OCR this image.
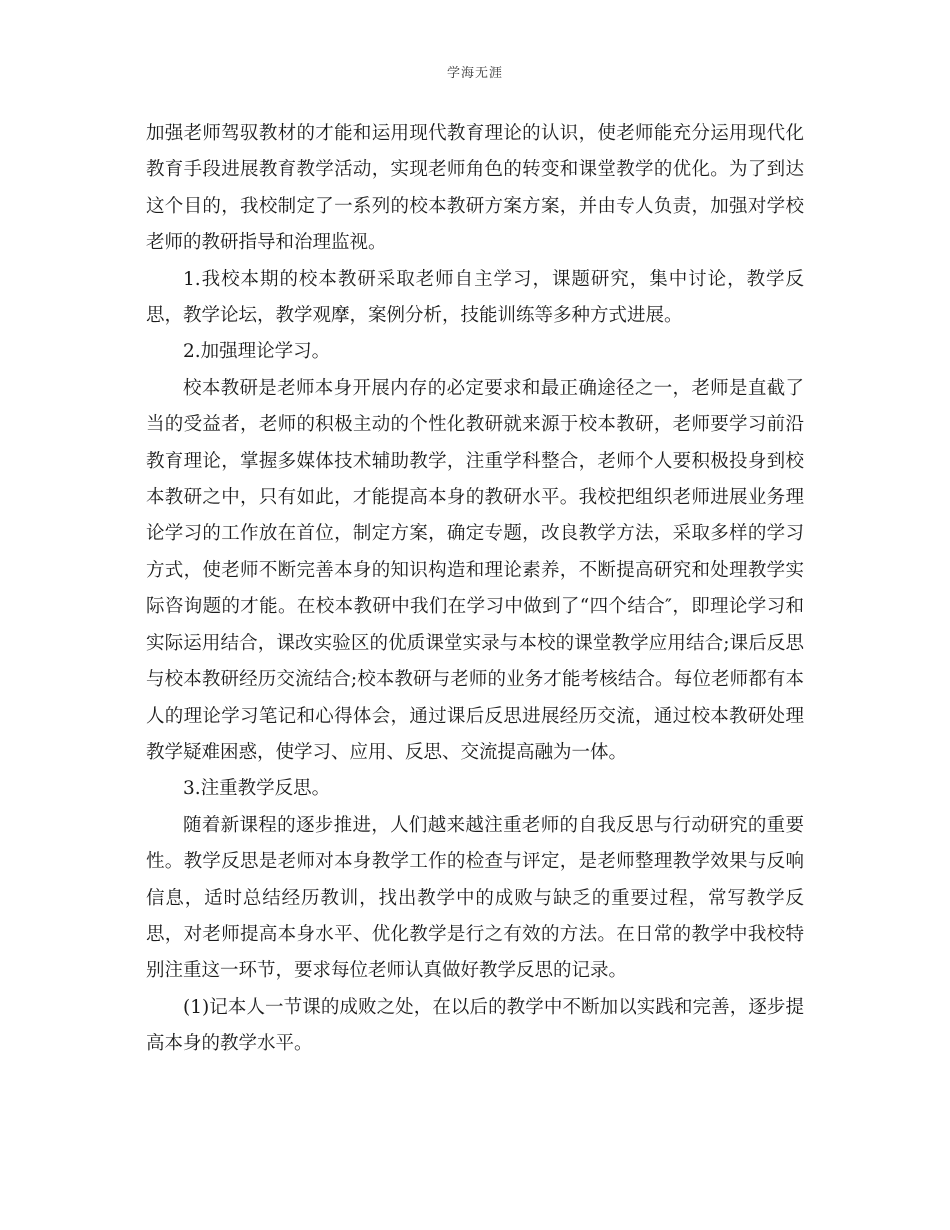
学海无涯

加强老师驾驭教材的才能和运用现代教育理论的认识，使老师能充分运用现代化教育手段进展教育教学活动，实现老师角色的转变和课堂教学的优化。为了到达这个目的，我校制定了一系列的校本教研方案方案，并由专人负责，加强对学校老师的教研指导和治理监视。

1.我校本期的校本教研采取老师自主学习，课题研究，集中讨论，教学反思，教学论坛，教学观摩，案例分析，技能训练等多种方式进展。

2.加强理论学习。

校本教研是老师本身开展内存的必定要求和最正确途径之一，老师是直截了当的受益者，老师的积极主动的个性化教研就来源于校本教研，老师要学习前沿教育理论，掌握多媒体技术辅助教学，注重学科整合，老师个人要积极投身到校本教研之中，只有如此，才能提高本身的教研水平。我校把组织老师进展业务理论学习的工作放在首位，制定方案，确定专题，改良教学方法，采取多样的学习方式，使老师不断完善本身的知识构造和理论素养，不断提高研究和处理教学实际咨询题的才能。在校本教研中我们在学习中做到了“四个结合″，即理论学习和实际运用结合，课改实验区的优质课堂实录与本校的课堂教学应用结合;课后反思与校本教研经历交流结合;校本教研与老师的业务才能考核结合。每位老师都有本人的理论学习笔记和心得体会，通过课后反思进展经历交流，通过校本教研处理教学疑难困惑，使学习、应用、反思、交流提高融为一体。

3.注重教学反思。

随着新课程的逐步推进，人们越来越注重老师的自我反思与行动研究的重要性。教学反思是老师对本身教学工作的检查与评定，是老师整理教学效果与反响信息，适时总结经历教训，找出教学中的成败与缺乏的重要过程，常写教学反思，对老师提高本身水平、优化教学是行之有效的方法。在日常的教学中我校特别注重这一环节，要求每位老师认真做好教学反思的记录。

(1)记本人一节课的成败之处，在以后的教学中不断加以实践和完善，逐步提高本身的教学水平。
